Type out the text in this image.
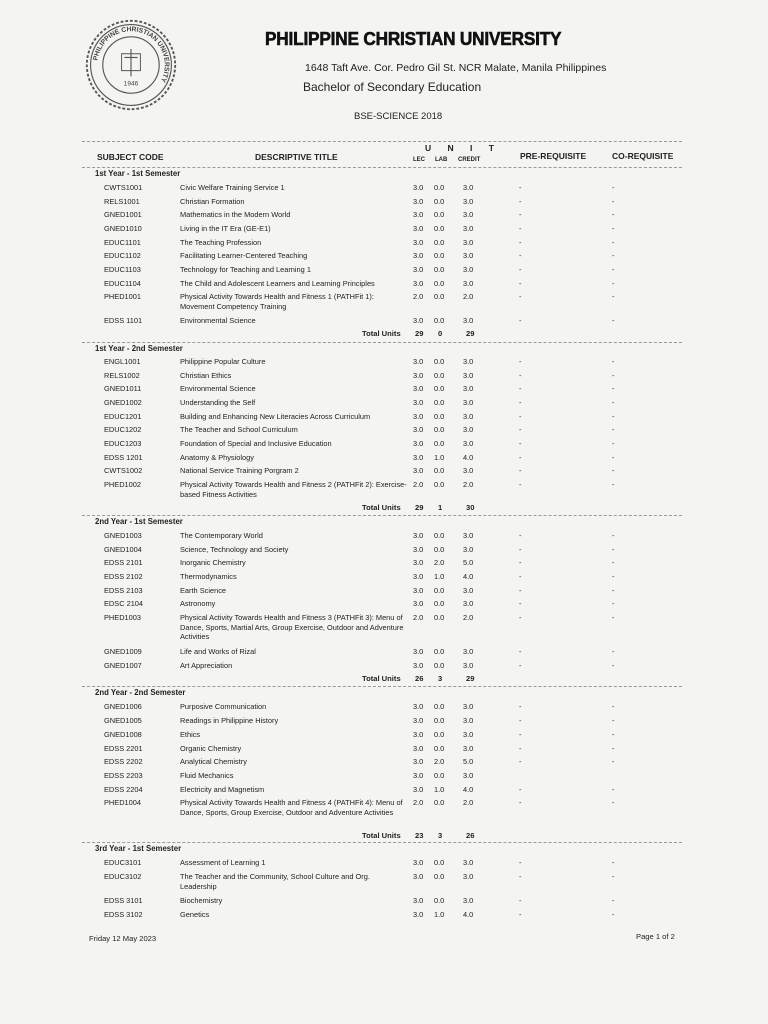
PHILIPPINE CHRISTIAN UNIVERSITY
1946
PHILIPPINE CHRISTIAN UNIVERSITY
1648 Taft Ave. Cor. Pedro Gil St. NCR Malate, Manila Philippines
Bachelor of Secondary Education
BSE-SCIENCE 2018
SUBJECT CODE	DESCRIPTIVE TITLE
U N I T
LEC LAB CREDIT	PRE-REQUISITE	CO-REQUISITE
1st Year - 1st Semester
CWTS1001	Civic Welfare Training Service 1	3.0 0.0	3.0	-	-
RELS1001	Christian Formation	3.0 0.0	3.0	-	-
GNED1001	Mathematics in the Modern World	3.0 0.0	3.0	-	-
GNED1010	Living in the IT Era (GE-E1)	3.0 0.0	3.0	-	-
EDUC1101	The Teaching Profession	3.0 0.0	3.0	-	-
EDUC1102	Facilitating Learner-Centered Teaching	3.0 0.0	3.0	-	-
EDUC1103	Technology for Teaching and Learning 1	3.0 0.0	3.0	-	-
EDUC1104	The Child and Adolescent Learners and Learning Principles	3.0 0.0	3.0	-	-
PHED1001	Physical Activity Towards Health and Fitness 1 (PATHFit 1): Movement Competency Training
2.0 0.0	2.0	-	-
EDSS 1101	Environmental Science	3.0 0.0	3.0	-	-
Total Units 29 0	29
1st Year - 2nd Semester
ENGL1001	Philippine Popular Culture	3.0 0.0	3.0	-	-
RELS1002	Christian Ethics	3.0 0.0	3.0	-	-
GNED1011	Environmental Science	3.0 0.0	3.0	-	-
GNED1002	Understanding the Self	3.0 0.0	3.0	-	-
EDUC1201	Building and Enhancing New Literacies Across Curriculum	3.0 0.0	3.0	-	-
EDUC1202	The Teacher and School Curriculum	3.0 0.0	3.0	-	-
EDUC1203	Foundation of Special and Inclusive Education	3.0 0.0	3.0	-	-
EDSS 1201	Anatomy & Physiology	3.0 1.0	4.0	-	-
CWTS1002	National Service Training Porgram 2	3.0 0.0	3.0	-	-
PHED1002	Physical Activity Towards Health and Fitness 2 (PATHFit 2): Exercise-based Fitness Activities
2.0 0.0	2.0	-	-
Total Units 29 1	30
2nd Year - 1st Semester
GNED1003	The Contemporary World	3.0 0.0	3.0	-	-
GNED1004	Science, Technology and Society	3.0 0.0	3.0	-	-
EDSS 2101	Inorganic Chemistry	3.0 2.0	5.0	-	-
EDSS 2102	Thermodynamics	3.0 1.0	4.0	-	-
EDSS 2103	Earth Science	3.0 0.0	3.0	-	-
EDSC 2104	Astronomy	3.0 0.0	3.0	-	-
PHED1003	Physical Activity Towards Health and Fitness 3 (PATHFit 3): Menu of Dance, Sports, Martial Arts, Group Exercise, Outdoor and Adventure Activities
2.0 0.0	2.0	-	-
GNED1009	Life and Works of Rizal	3.0 0.0	3.0	-	-
GNED1007	Art Appreciation	3.0 0.0	3.0	-	-
Total Units 26 3	29
2nd Year - 2nd Semester
GNED1006	Purposive Communication	3.0 0.0	3.0	-	-
GNED1005	Readings in Philippine History	3.0 0.0	3.0	-	-
GNED1008	Ethics	3.0 0.0	3.0	-	-
EDSS 2201	Organic Chemistry	3.0 0.0	3.0	-	-
EDSS 2202	Analytical Chemistry	3.0 2.0	5.0	-	-
EDSS 2203	Fluid Mechanics	3.0 0.0	3.0
EDSS 2204	Electricity and Magnetism	3.0 1.0	4.0	-	-
PHED1004	Physical Activity Towards Health and Fitness 4 (PATHFit 4): Menu of Dance, Sports, Group Exercise, Outdoor and Adventure Activities
2.0 0.0	2.0	-	-
Total Units 23 3	26
3rd Year - 1st Semester
EDUC3101	Assessment of Learning 1	3.0 0.0	3.0	-	-
EDUC3102	The Teacher and the Community, School Culture and Org. Leadership
3.0 0.0	3.0	-	-
EDSS 3101	Biochemistry	3.0 0.0	3.0	-	-
EDSS 3102	Genetics	3.0 1.0	4.0	-	-
Friday 12 May 2023	Page 1 of 2
